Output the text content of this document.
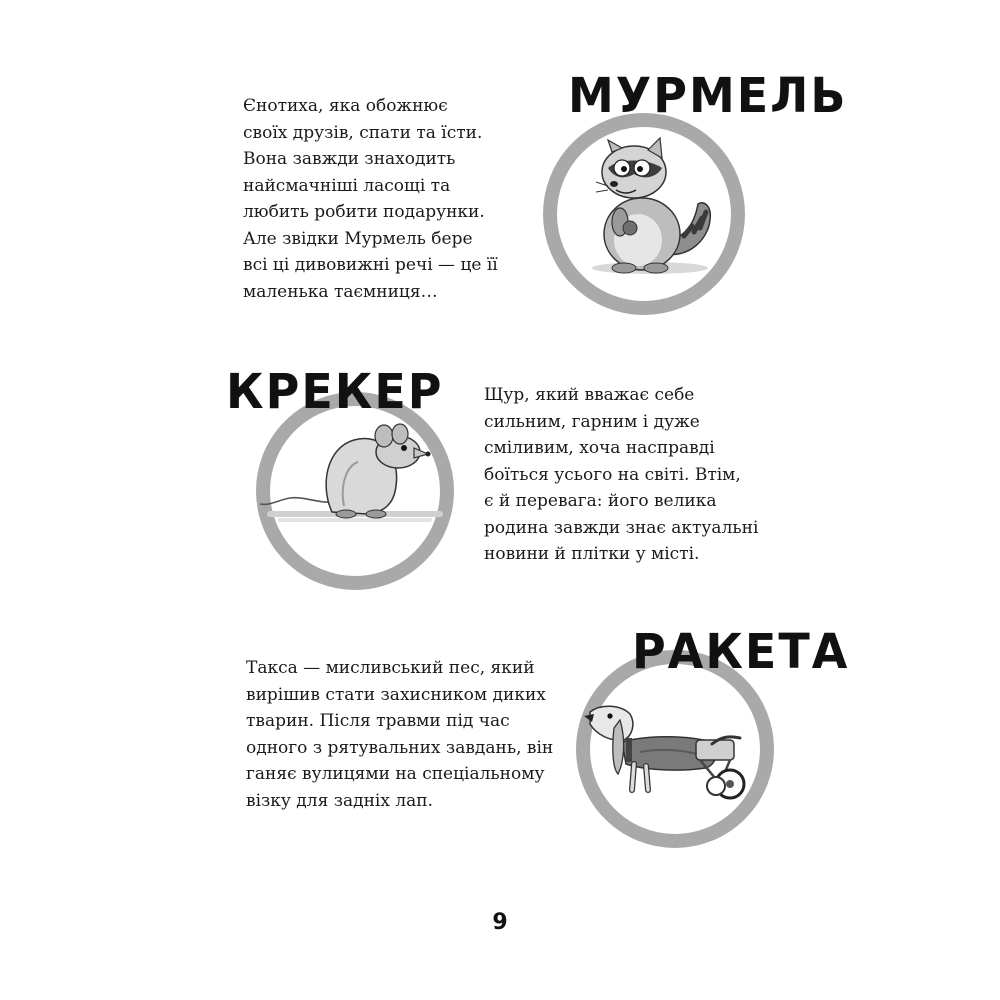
Єнотиха, яка обожнює
своїх друзів, спати та їсти.
Вона завжди знаходить
найсмачніші ласощі та
любить робити подарунки.
Але звідки Мурмель бере
всі ці дивовижні речі — це її
маленька таємниця…
МУРМЕЛЬ
КРЕКЕР Щур, який вважає себе
сильним, гарним і дуже
сміливим, хоча насправді
боїться усього на світі. Втім,
є й перевага: його велика
родина завжди знає актуальні
новини й плітки у місті.
Такса — мисливський пес, який
вирішив стати захисником диких
тварин. Після травми під час
одного з рятувальних завдань, він
ганяє вулицями на спеціальному
візку для задніх лап.
РАКЕТА
9
